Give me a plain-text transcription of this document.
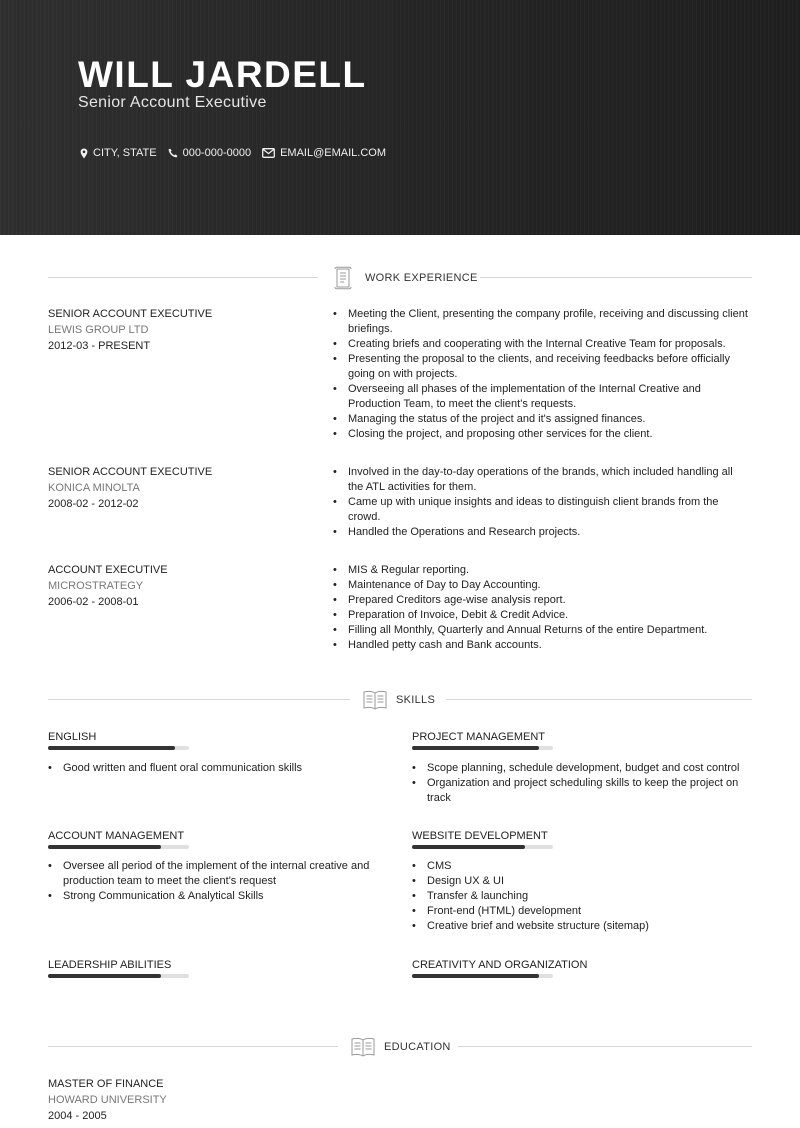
WILL JARDELL
Senior Account Executive
CITY, STATE 000-000-0000	EMAIL@EMAIL.COM
WORK EXPERIENCE
SENIOR ACCOUNT EXECUTIVE
LEWIS GROUP LTD
2012-03 - PRESENT
• Meeting the Client, presenting the company profile, receiving and discussing client
briefings.
• Creating briefs and cooperating with the Internal Creative Team for proposals.
• Presenting the proposal to the clients, and receiving feedbacks before officially
going on with projects.
• Overseeing all phases of the implementation of the Internal Creative and
Production Team, to meet the client's requests.
• Managing the status of the project and it's assigned finances.
• Closing the project, and proposing other services for the client.
SENIOR ACCOUNT EXECUTIVE
KONICA MINOLTA
2008-02 - 2012-02
• Involved in the day-to-day operations of the brands, which included handling all
the ATL activities for them.
• Came up with unique insights and ideas to distinguish client brands from the
crowd.
• Handled the Operations and Research projects.
ACCOUNT EXECUTIVE
MICROSTRATEGY
2006-02 - 2008-01
• MIS & Regular reporting.
• Maintenance of Day to Day Accounting.
• Prepared Creditors age-wise analysis report.
• Preparation of Invoice, Debit & Credit Advice.
• Filling all Monthly, Quarterly and Annual Returns of the entire Department.
• Handled petty cash and Bank accounts.
SKILLS
ENGLISH
• Good written and fluent oral communication skills
PROJECT MANAGEMENT
• Scope planning, schedule development, budget and cost control
• Organization and project scheduling skills to keep the project on
track
ACCOUNT MANAGEMENT
• Oversee all period of the implement of the internal creative and
production team to meet the client's request
• Strong Communication & Analytical Skills
WEBSITE DEVELOPMENT
• CMS
• Design UX & UI
• Transfer & launching
• Front-end (HTML) development
• Creative brief and website structure (sitemap)
LEADERSHIP ABILITIES	CREATIVITY AND ORGANIZATION
EDUCATION
MASTER OF FINANCE
HOWARD UNIVERSITY
2004 - 2005
